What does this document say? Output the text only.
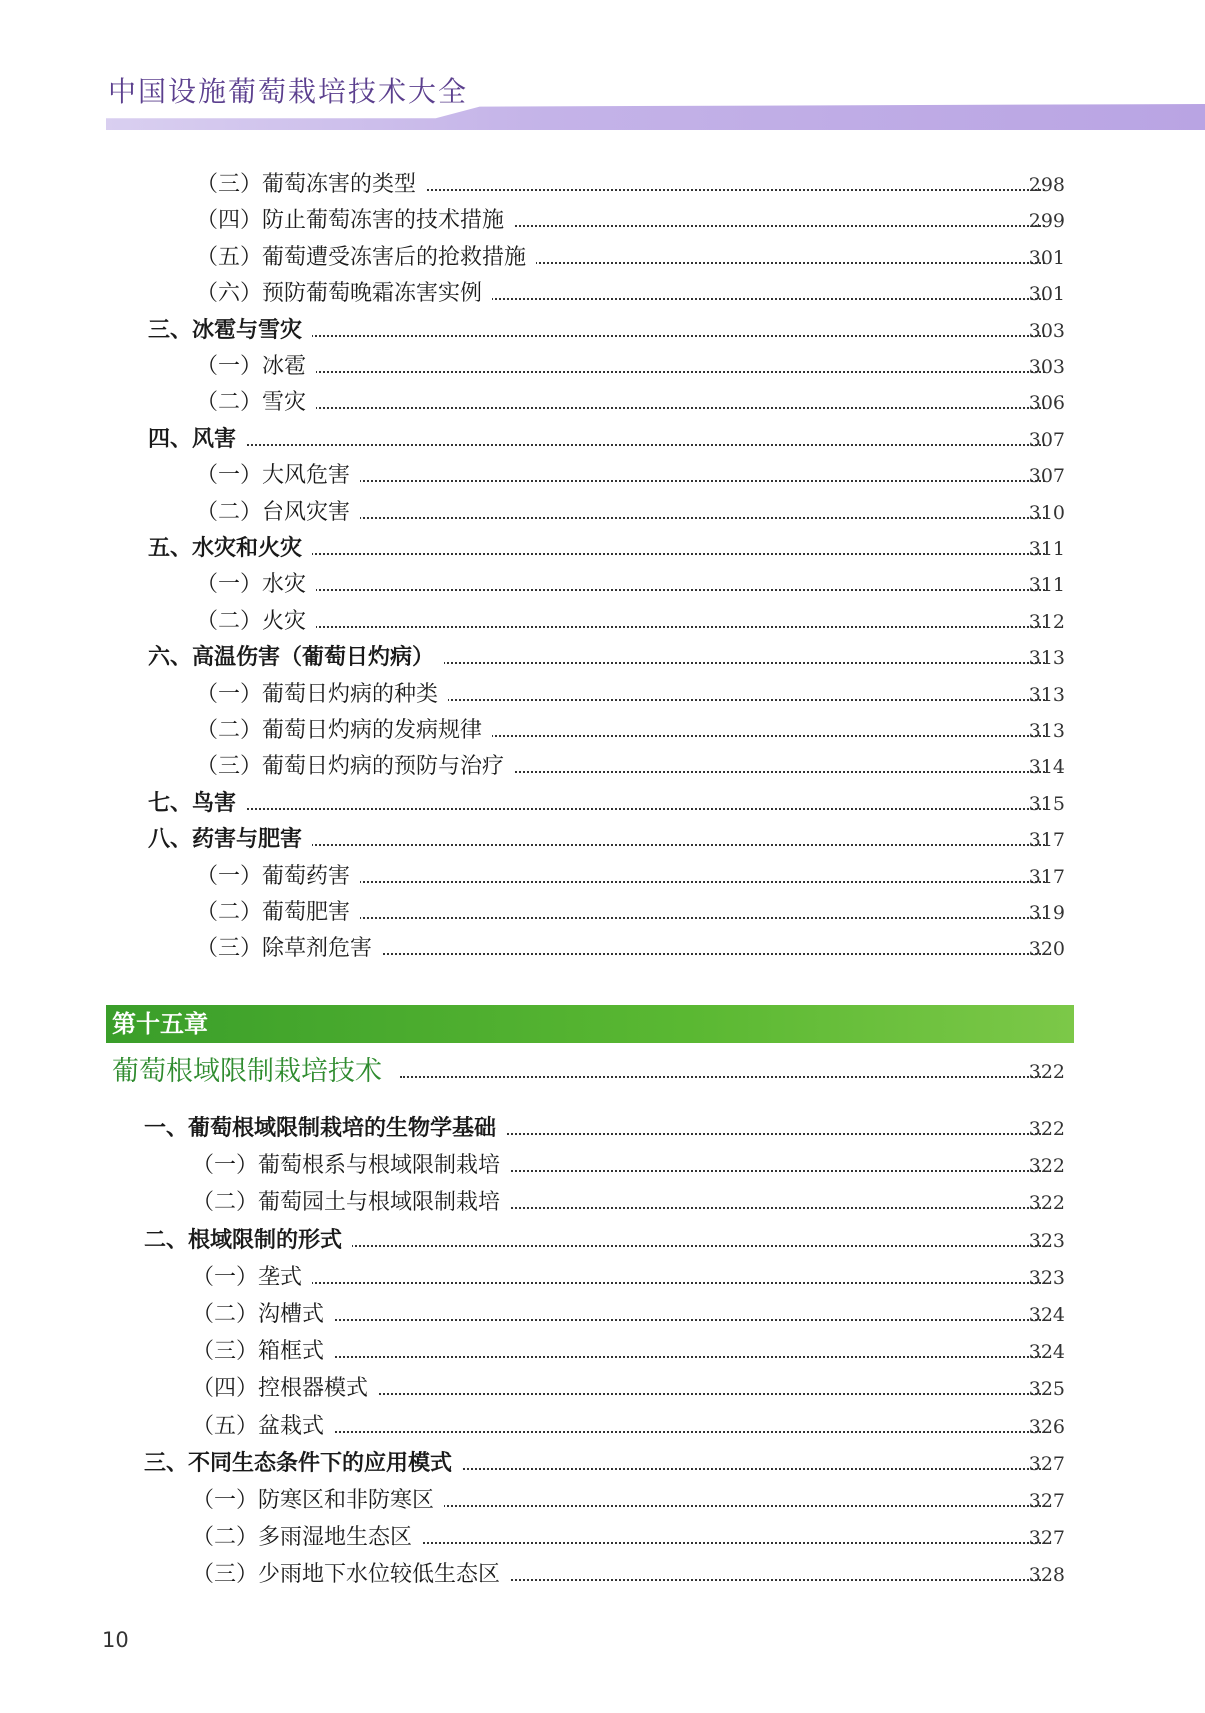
中国设施葡萄栽培技术大全
（三）葡萄冻害的类型	298
（四）防止葡萄冻害的技术措施	299
（五）葡萄遭受冻害后的抢救措施	301
（六）预防葡萄晚霜冻害实例	301
三、冰雹与雪灾	303
（一）冰雹	303
（二）雪灾	306
四、风害	307
（一）大风危害	307
（二）台风灾害	310
五、水灾和火灾	311
（一）水灾	311
（二）火灾	312
六、高温伤害（葡萄日灼病）	313
（一）葡萄日灼病的种类	313
（二）葡萄日灼病的发病规律	313
（三）葡萄日灼病的预防与治疗	314
七、鸟害	315
八、药害与肥害	317
（一）葡萄药害	317
（二）葡萄肥害	319
（三）除草剂危害	320
第十五章
葡萄根域限制栽培技术	322
一、葡萄根域限制栽培的生物学基础	322
（一）葡萄根系与根域限制栽培	322
（二）葡萄园土与根域限制栽培	322
二、根域限制的形式	323
（一）垄式	323
（二）沟槽式	324
（三）箱框式	324
（四）控根器模式	325
（五）盆栽式	326
三、不同生态条件下的应用模式	327
（一）防寒区和非防寒区	327
（二）多雨湿地生态区	327
（三）少雨地下水位较低生态区	328
10
